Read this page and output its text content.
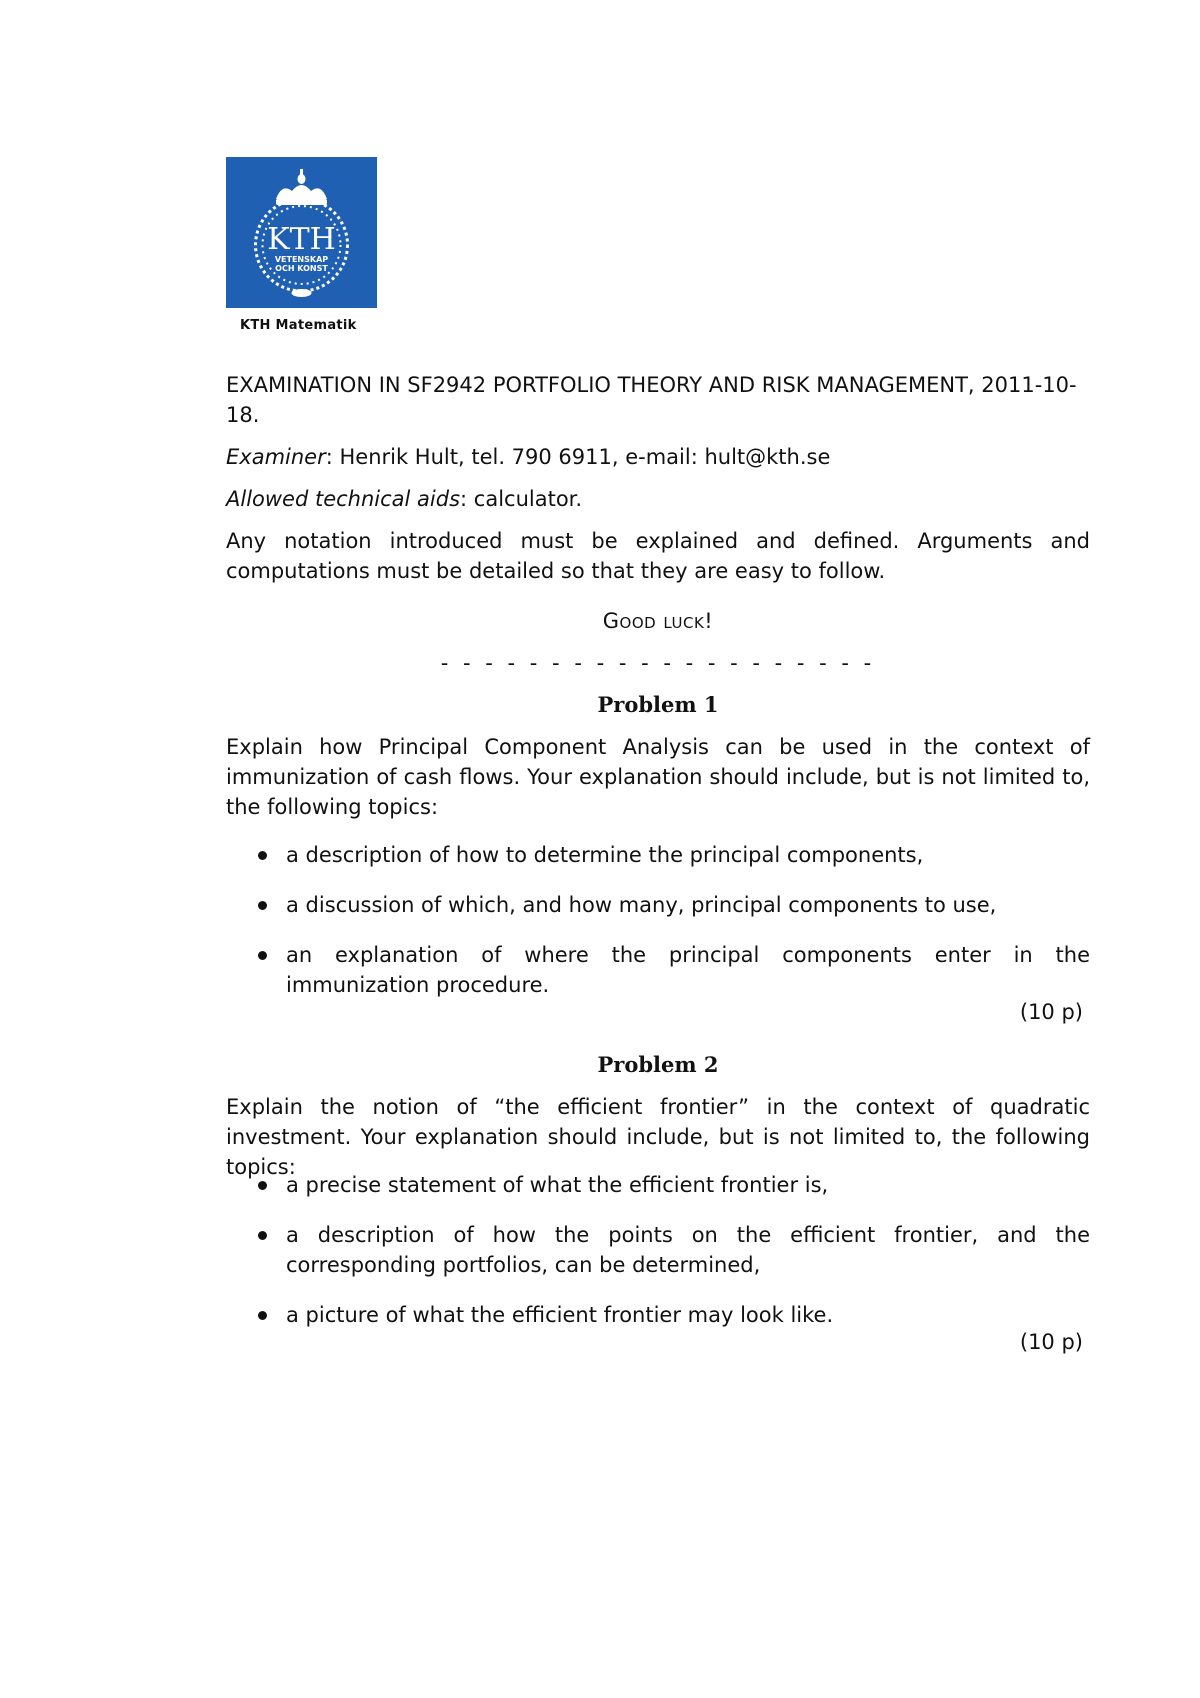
KTH
VETENSKAP
OCH KONST
KTH Matematik
EXAMINATION IN SF2942 PORTFOLIO THEORY AND RISK MANAGEMENT, 2011-10-18.

Examiner: Henrik Hult, tel. 790 6911, e-mail: hult@kth.se

Allowed technical aids: calculator.

Any notation introduced must be explained and defined. Arguments and computations must be detailed so that they are easy to follow.

Good luck!
- - - - - - - - - - - - - - - - - - - -
Problem 1

Explain how Principal Component Analysis can be used in the context of immunization of cash flows. Your explanation should include, but is not limited to, the following topics:

a description of how to determine the principal components,
a discussion of which, and how many, principal components to use,
an explanation of where the principal components enter in the immunization procedure.
(10 p)
Problem 2

Explain the notion of “the efficient frontier” in the context of quadratic investment. Your explanation should include, but is not limited to, the following topics:

a precise statement of what the efficient frontier is,
a description of how the points on the efficient frontier, and the corresponding portfolios, can be determined,
a picture of what the efficient frontier may look like.
(10 p)
